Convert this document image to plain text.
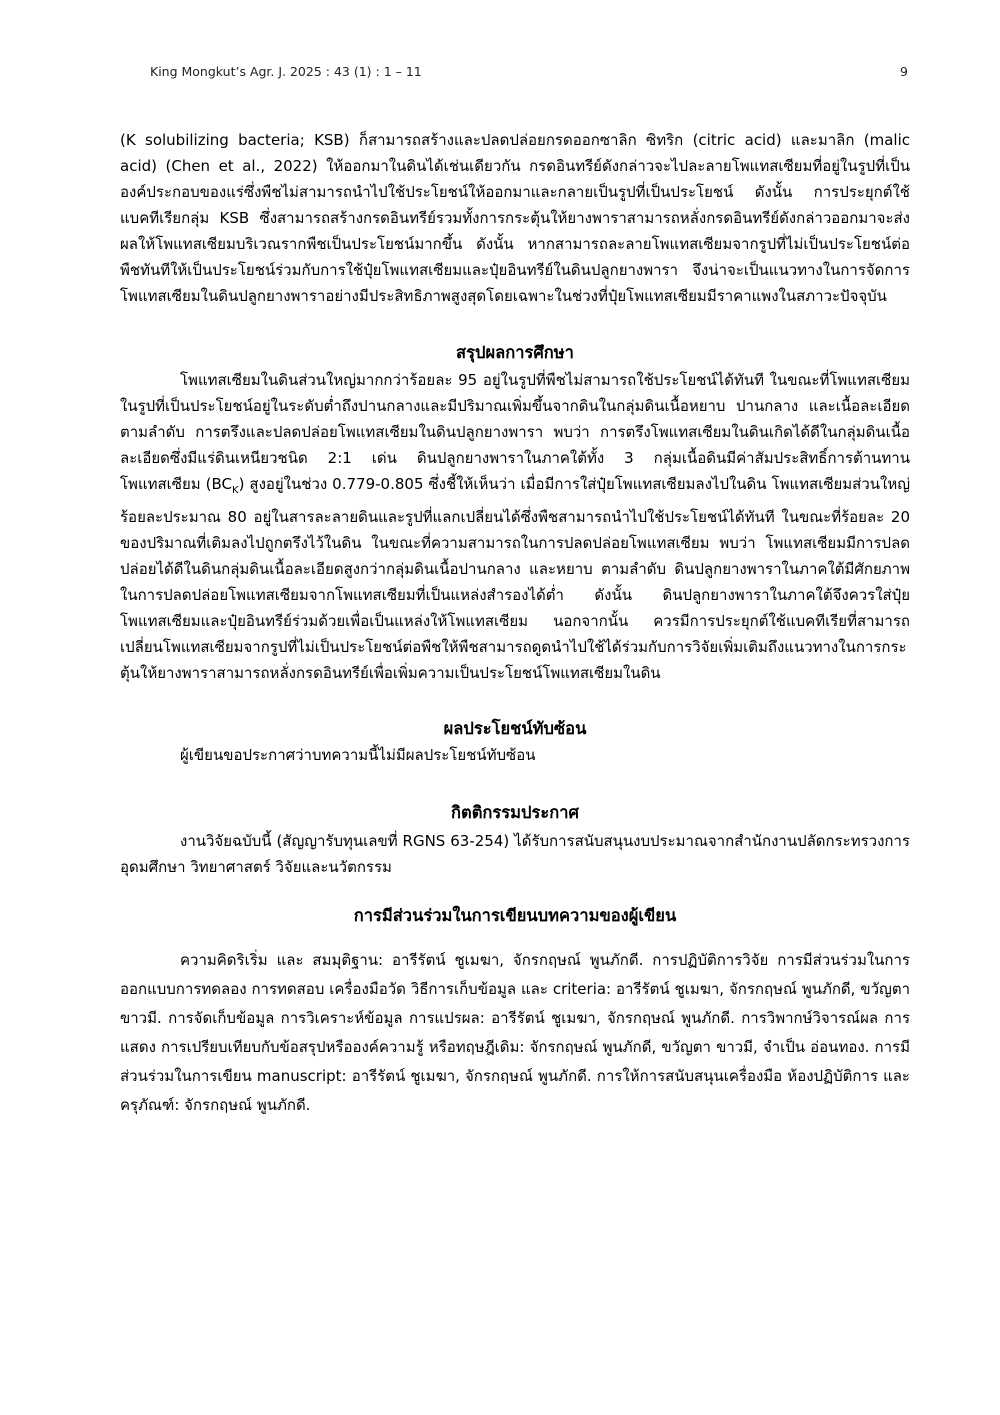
King Mongkut’s Agr. J. 2025 : 43 (1) : 1 – 11	9

(K solubilizing bacteria; KSB) ก็สามารถสร้างและปลดปล่อยกรดออกซาลิก ซิทริก (citric acid) และมาลิก (malic acid) (Chen et al., 2022) ให้ออกมาในดินได้เช่นเดียวกัน กรดอินทรีย์ดังกล่าวจะไปละลายโพแทสเซียมที่อยู่ในรูปที่เป็นองค์ประกอบของแร่ซึ่งพืชไม่สามารถนำไปใช้ประโยชน์ให้ออกมาและกลายเป็นรูปที่เป็นประโยชน์ ดังนั้น การประยุกต์ใช้แบคทีเรียกลุ่ม KSB ซึ่งสามารถสร้างกรดอินทรีย์รวมทั้งการกระตุ้นให้ยางพาราสามารถหลั่งกรดอินทรีย์ดังกล่าวออกมาจะส่งผลให้โพแทสเซียมบริเวณรากพืชเป็นประโยชน์มากขึ้น ดังนั้น หากสามารถละลายโพแทสเซียมจากรูปที่ไม่เป็นประโยชน์ต่อพืชทันทีให้เป็นประโยชน์ร่วมกับการใช้ปุ๋ยโพแทสเซียมและปุ๋ยอินทรีย์ในดินปลูกยางพารา จึงน่าจะเป็นแนวทางในการจัดการโพแทสเซียมในดินปลูกยางพาราอย่างมีประสิทธิภาพสูงสุดโดยเฉพาะในช่วงที่ปุ๋ยโพแทสเซียมมีราคาแพงในสภาวะปัจจุบัน

สรุปผลการศึกษา

โพแทสเซียมในดินส่วนใหญ่มากกว่าร้อยละ 95 อยู่ในรูปที่พืชไม่สามารถใช้ประโยชน์ได้ทันที ในขณะที่โพแทสเซียมในรูปที่เป็นประโยชน์อยู่ในระดับต่ำถึงปานกลางและมีปริมาณเพิ่มขึ้นจากดินในกลุ่มดินเนื้อหยาบ ปานกลาง และเนื้อละเอียด ตามลำดับ การตรึงและปลดปล่อยโพแทสเซียมในดินปลูกยางพารา พบว่า การตรึงโพแทสเซียมในดินเกิดได้ดีในกลุ่มดินเนื้อละเอียดซึ่งมีแร่ดินเหนียวชนิด 2:1 เด่น ดินปลูกยางพาราในภาคใต้ทั้ง 3 กลุ่มเนื้อดินมีค่าสัมประสิทธิ์การต้านทานโพแทสเซียม $(BC_K)$ สูงอยู่ในช่วง 0.779-0.805 ซึ่งชี้ให้เห็นว่า เมื่อมีการใส่ปุ๋ยโพแทสเซียมลงไปในดิน โพแทสเซียมส่วนใหญ่ร้อยละประมาณ 80 อยู่ในสารละลายดินและรูปที่แลกเปลี่ยนได้ซึ่งพืชสามารถนำไปใช้ประโยชน์ได้ทันที ในขณะที่ร้อยละ 20 ของปริมาณที่เติมลงไปถูกตรึงไว้ในดิน ในขณะที่ความสามารถในการปลดปล่อยโพแทสเซียม พบว่า โพแทสเซียมมีการปลดปล่อยได้ดีในดินกลุ่มดินเนื้อละเอียดสูงกว่ากลุ่มดินเนื้อปานกลาง และหยาบ ตามลำดับ ดินปลูกยางพาราในภาคใต้มีศักยภาพในการปลดปล่อยโพแทสเซียมจากโพแทสเซียมที่เป็นแหล่งสำรองได้ต่ำ ดังนั้น ดินปลูกยางพาราในภาคใต้จึงควรใส่ปุ๋ยโพแทสเซียมและปุ๋ยอินทรีย์ร่วมด้วยเพื่อเป็นแหล่งให้โพแทสเซียม นอกจากนั้น ควรมีการประยุกต์ใช้แบคทีเรียที่สามารถเปลี่ยนโพแทสเซียมจากรูปที่ไม่เป็นประโยชน์ต่อพืชให้พืชสามารถดูดนำไปใช้ได้ร่วมกับการวิจัยเพิ่มเติมถึงแนวทางในการกระตุ้นให้ยางพาราสามารถหลั่งกรดอินทรีย์เพื่อเพิ่มความเป็นประโยชน์โพแทสเซียมในดิน

ผลประโยชน์ทับซ้อน

ผู้เขียนขอประกาศว่าบทความนี้ไม่มีผลประโยชน์ทับซ้อน

กิตติกรรมประกาศ

งานวิจัยฉบับนี้ (สัญญารับทุนเลขที่ RGNS 63-254) ได้รับการสนับสนุนงบประมาณจากสำนักงานปลัดกระทรวงการอุดมศึกษา วิทยาศาสตร์ วิจัยและนวัตกรรม

การมีส่วนร่วมในการเขียนบทความของผู้เขียน

ความคิดริเริ่ม และ สมมุติฐาน: อารีรัตน์ ชูเมฆา, จักรกฤษณ์ พูนภักดี. การปฏิบัติการวิจัย การมีส่วนร่วมในการออกแบบการทดลอง การทดสอบ เครื่องมือวัด วิธีการเก็บข้อมูล และ criteria: อารีรัตน์ ชูเมฆา, จักรกฤษณ์ พูนภักดี, ขวัญตา ขาวมี. การจัดเก็บข้อมูล การวิเคราะห์ข้อมูล การแปรผล: อารีรัตน์ ชูเมฆา, จักรกฤษณ์ พูนภักดี. การวิพากษ์วิจารณ์ผล การแสดง การเปรียบเทียบกับข้อสรุปหรือองค์ความรู้ หรือทฤษฎีเดิม: จักรกฤษณ์ พูนภักดี, ขวัญตา ขาวมี, จำเป็น อ่อนทอง. การมีส่วนร่วมในการเขียน manuscript: อารีรัตน์ ชูเมฆา, จักรกฤษณ์ พูนภักดี. การให้การสนับสนุนเครื่องมือ ห้องปฏิบัติการ และ ครุภัณฑ์: จักรกฤษณ์ พูนภักดี.
